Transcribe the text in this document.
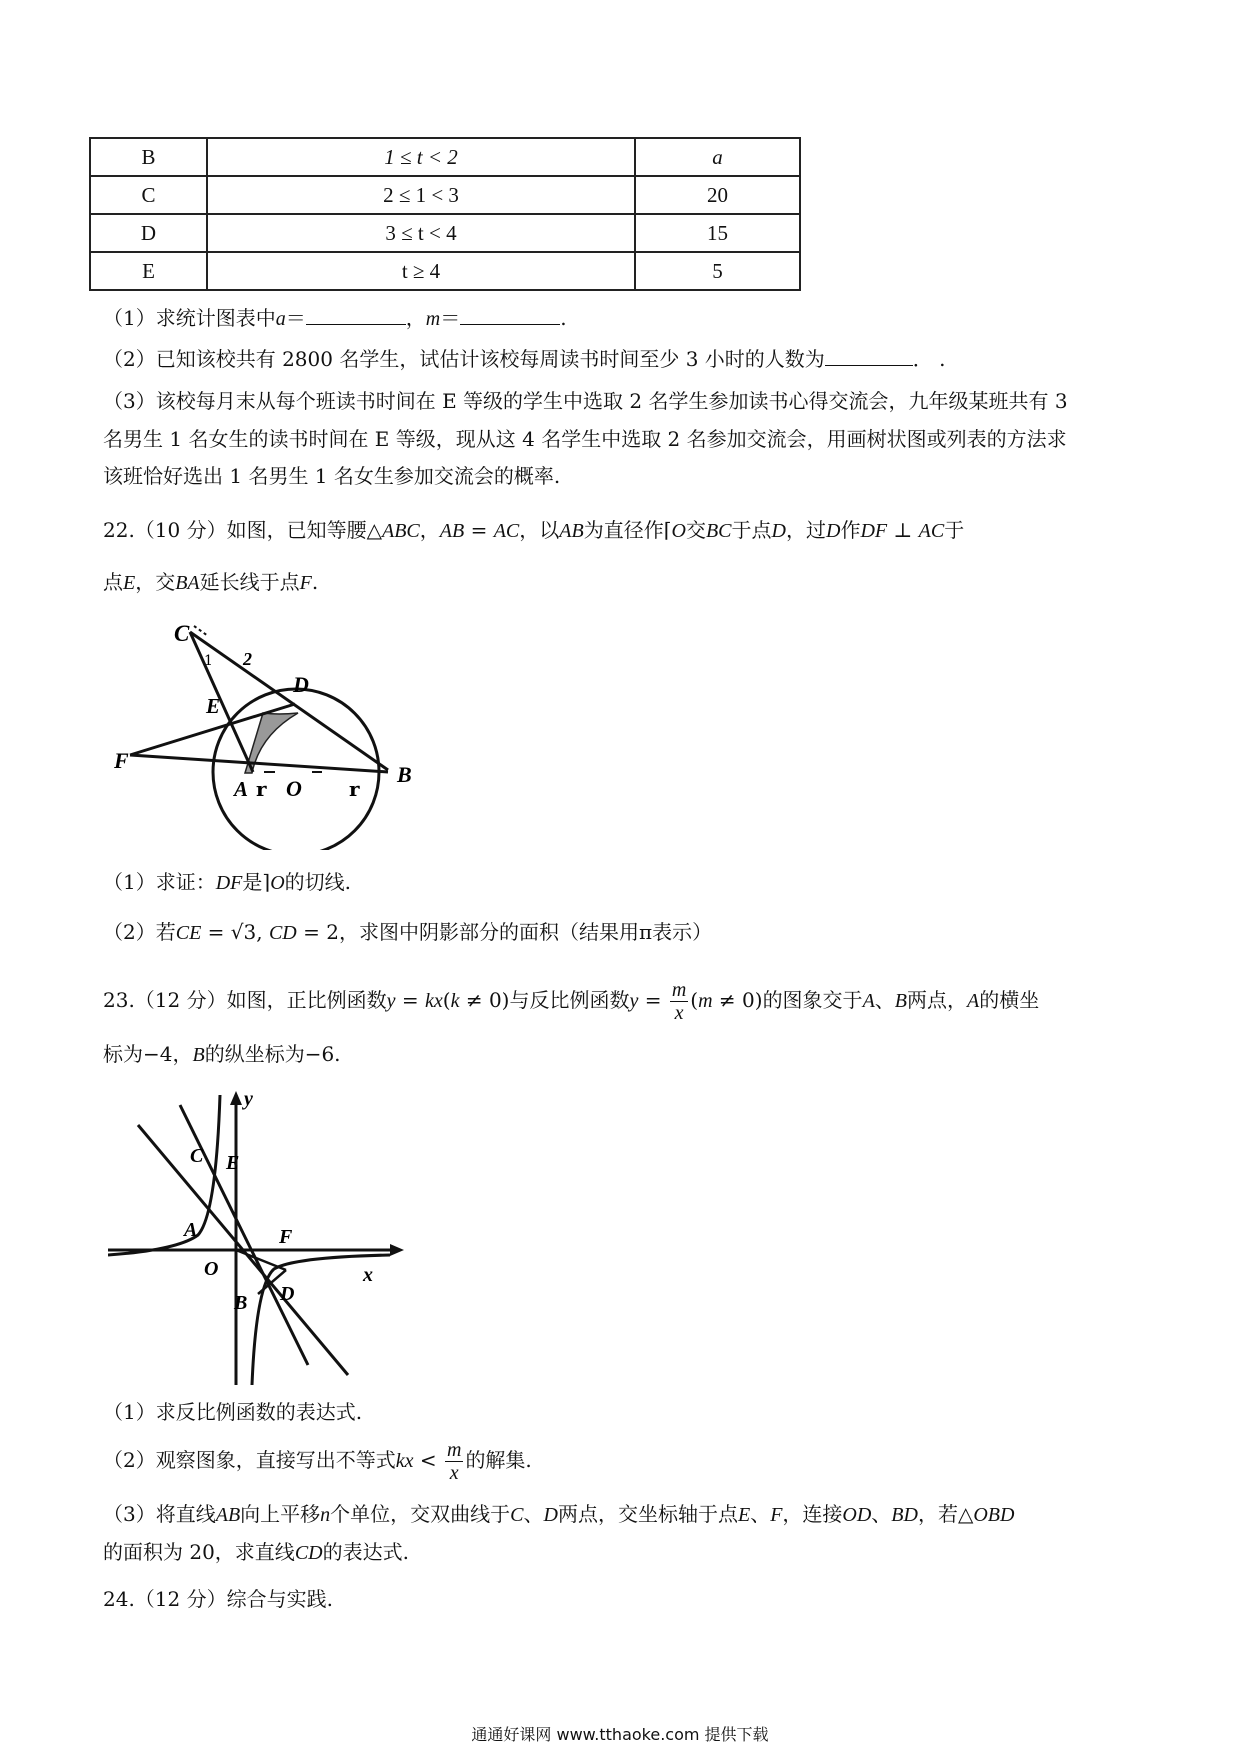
B	1 ≤ t < 2	a
C	2 ≤ 1 < 3	20
D	3 ≤ t < 4	15
E	t ≥ 4	5
（1）求统计图表中a＝	，m＝	.
（2）已知该校共有 2800 名学生，试估计该校每周读书时间至少 3 小时的人数为	． .
（3）该校每月末从每个班读书时间在 E 等级的学生中选取 2 名学生参加读书心得交流会，九年级某班共有 3
名男生 1 名女生的读书时间在 E 等级，现从这 4 名学生中选取 2 名参加交流会，用画树状图或列表的方法求
该班恰好选出 1 名男生 1 名女生参加交流会的概率.
22.（10 分）如图，已知等腰△ABC，AB = AC，以AB为直径作⌈O交BC于点D，过D作DF ⊥ AC于
点E，交BA延长线于点F.
C
D
E
F
A O
B
r	r
2
1
（1）求证：DF是⌉O的切线.
（2）若CE = √3, CD = 2，求图中阴影部分的面积（结果用π表示）
23.（12 分）如图，正比例函数y = kx(k ≠ 0)与反比例函数$y = \frac{m}{x} (m \ne 0)$的图象交于A、B两点，A的横坐
标为−4，B的纵坐标为−6.
y
x
C E
A	F
O
B D
（1）求反比例函数的表达式.
（2）观察图象，直接写出不等式kx < $\frac{m}{x}$ 的解集.
（3）将直线AB向上平移n个单位，交双曲线于C、D两点，交坐标轴于点E、F，连接OD、BD，若△OBD
的面积为 20，求直线CD的表达式.
24.（12 分）综合与实践.
通通好课网 www.tthaoke.com 提供下载
